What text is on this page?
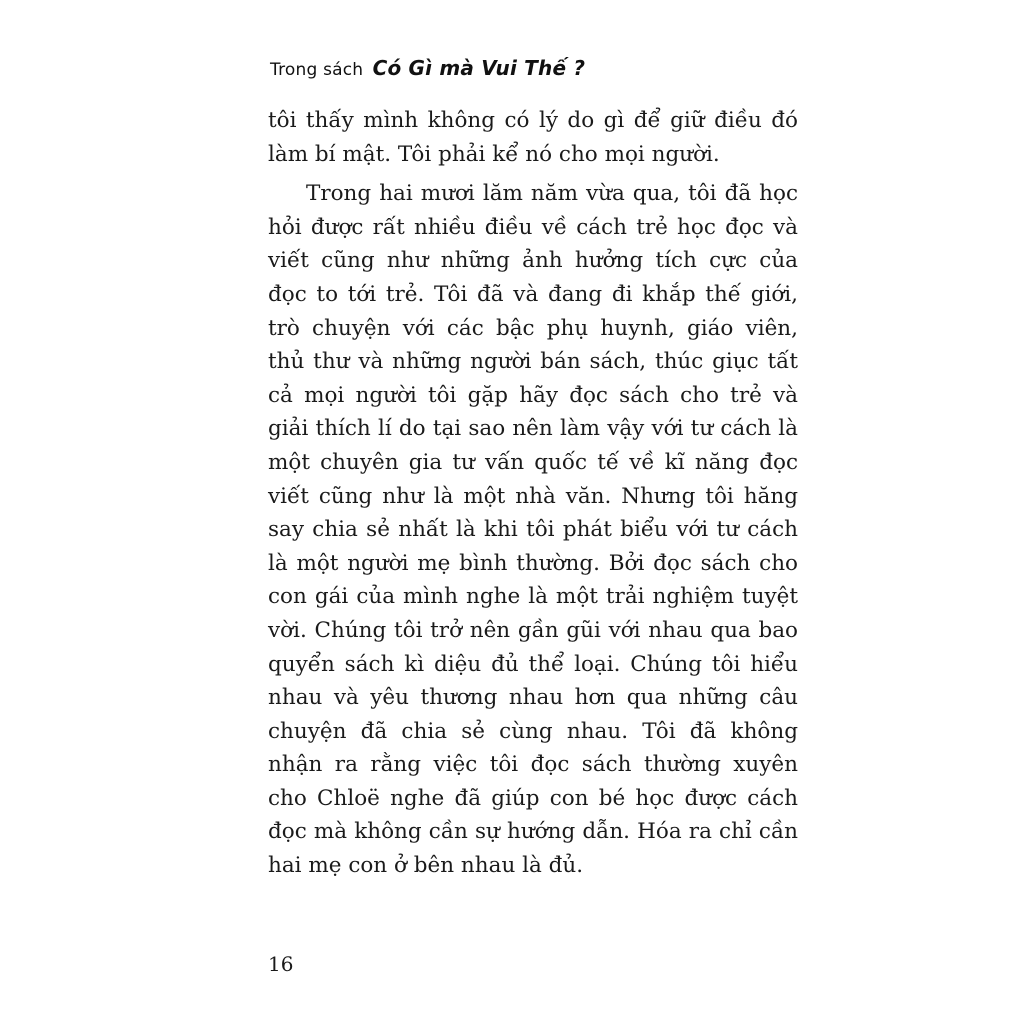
Trong sách Có Gì mà Vui Thế ?

tôi thấy mình không có lý do gì để giữ điều đó làm bí mật. Tôi phải kể nó cho mọi người.

Trong hai mươi lăm năm vừa qua, tôi đã học hỏi được rất nhiều điều về cách trẻ học đọc và viết cũng như những ảnh hưởng tích cực của đọc to tới trẻ. Tôi đã và đang đi khắp thế giới, trò chuyện với các bậc phụ huynh, giáo viên, thủ thư và những người bán sách, thúc giục tất cả mọi người tôi gặp hãy đọc sách cho trẻ và giải thích lí do tại sao nên làm vậy với tư cách là một chuyên gia tư vấn quốc tế về kĩ năng đọc viết cũng như là một nhà văn. Nhưng tôi hăng say chia sẻ nhất là khi tôi phát biểu với tư cách là một người mẹ bình thường. Bởi đọc sách cho con gái của mình nghe là một trải nghiệm tuyệt vời. Chúng tôi trở nên gần gũi với nhau qua bao quyển sách kì diệu đủ thể loại. Chúng tôi hiểu nhau và yêu thương nhau hơn qua những câu chuyện đã chia sẻ cùng nhau. Tôi đã không nhận ra rằng việc tôi đọc sách thường xuyên cho Chloë nghe đã giúp con bé học được cách đọc mà không cần sự hướng dẫn. Hóa ra chỉ cần hai mẹ con ở bên nhau là đủ.

16
